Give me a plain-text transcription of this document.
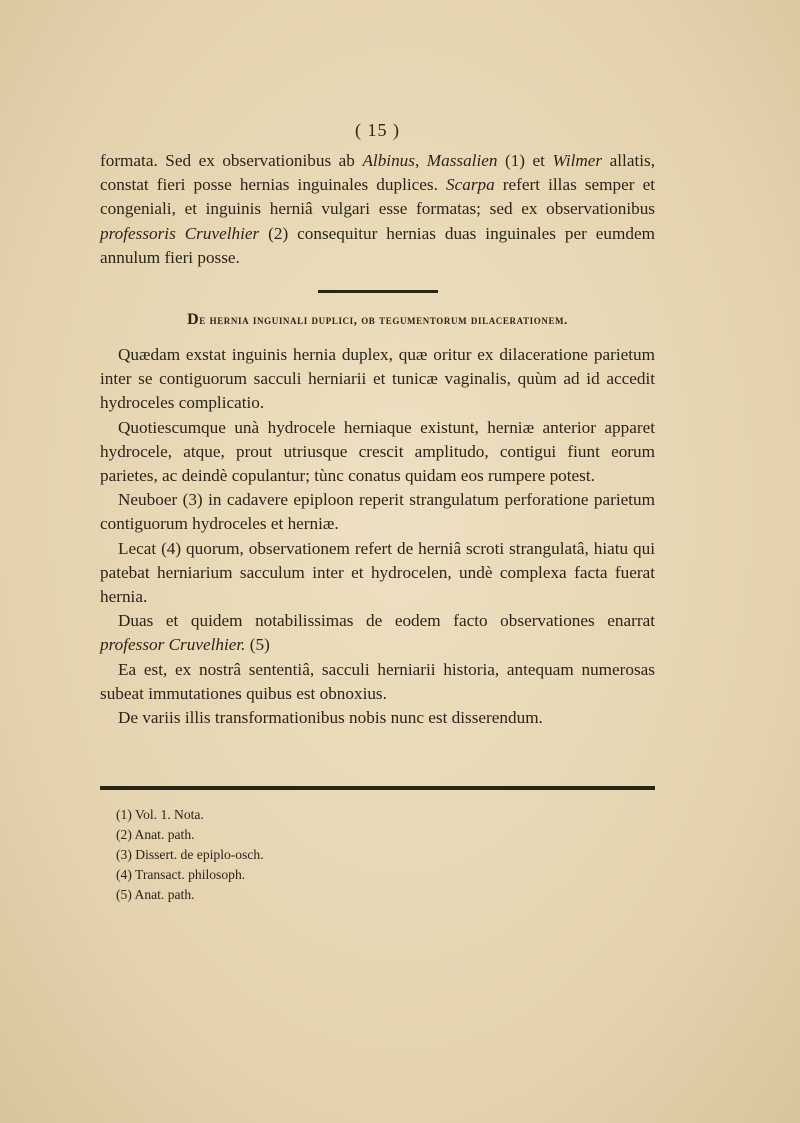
( 15 )

formata. Sed ex observationibus ab Albinus, Massalien (1) et Wilmer allatis, constat fieri posse hernias inguinales duplices. Scarpa refert illas semper et congeniali, et inguinis herniâ vulgari esse formatas; sed ex observationibus professoris Cruvelhier (2) consequitur hernias duas inguinales per eumdem annulum fieri posse.

De hernia inguinali duplici, ob tegumentorum dilacerationem.

Quædam exstat inguinis hernia duplex, quæ oritur ex dilaceratione parietum inter se contiguorum sacculi herniarii et tunicæ vaginalis, quùm ad id accedit hydroceles complicatio.

Quotiescumque unà hydrocele herniaque existunt, herniæ anterior apparet hydrocele, atque, prout utriusque crescit amplitudo, contigui fiunt eorum parietes, ac deindè copulantur; tùnc conatus quidam eos rumpere potest.

Neuboer (3) in cadavere epiploon reperit strangulatum perforatione parietum contiguorum hydroceles et herniæ.

Lecat (4) quorum, observationem refert de herniâ scroti strangulatâ, hiatu qui patebat herniarium sacculum inter et hydrocelen, undè complexa facta fuerat hernia.

Duas et quidem notabilissimas de eodem facto observationes enarrat professor Cruvelhier. (5)

Ea est, ex nostrâ sententiâ, sacculi herniarii historia, antequam numerosas subeat immutationes quibus est obnoxius.

De variis illis transformationibus nobis nunc est disserendum.

(1) Vol. 1. Nota.
(2) Anat. path.
(3) Dissert. de epiplo-osch.
(4) Transact. philosoph.
(5) Anat. path.
